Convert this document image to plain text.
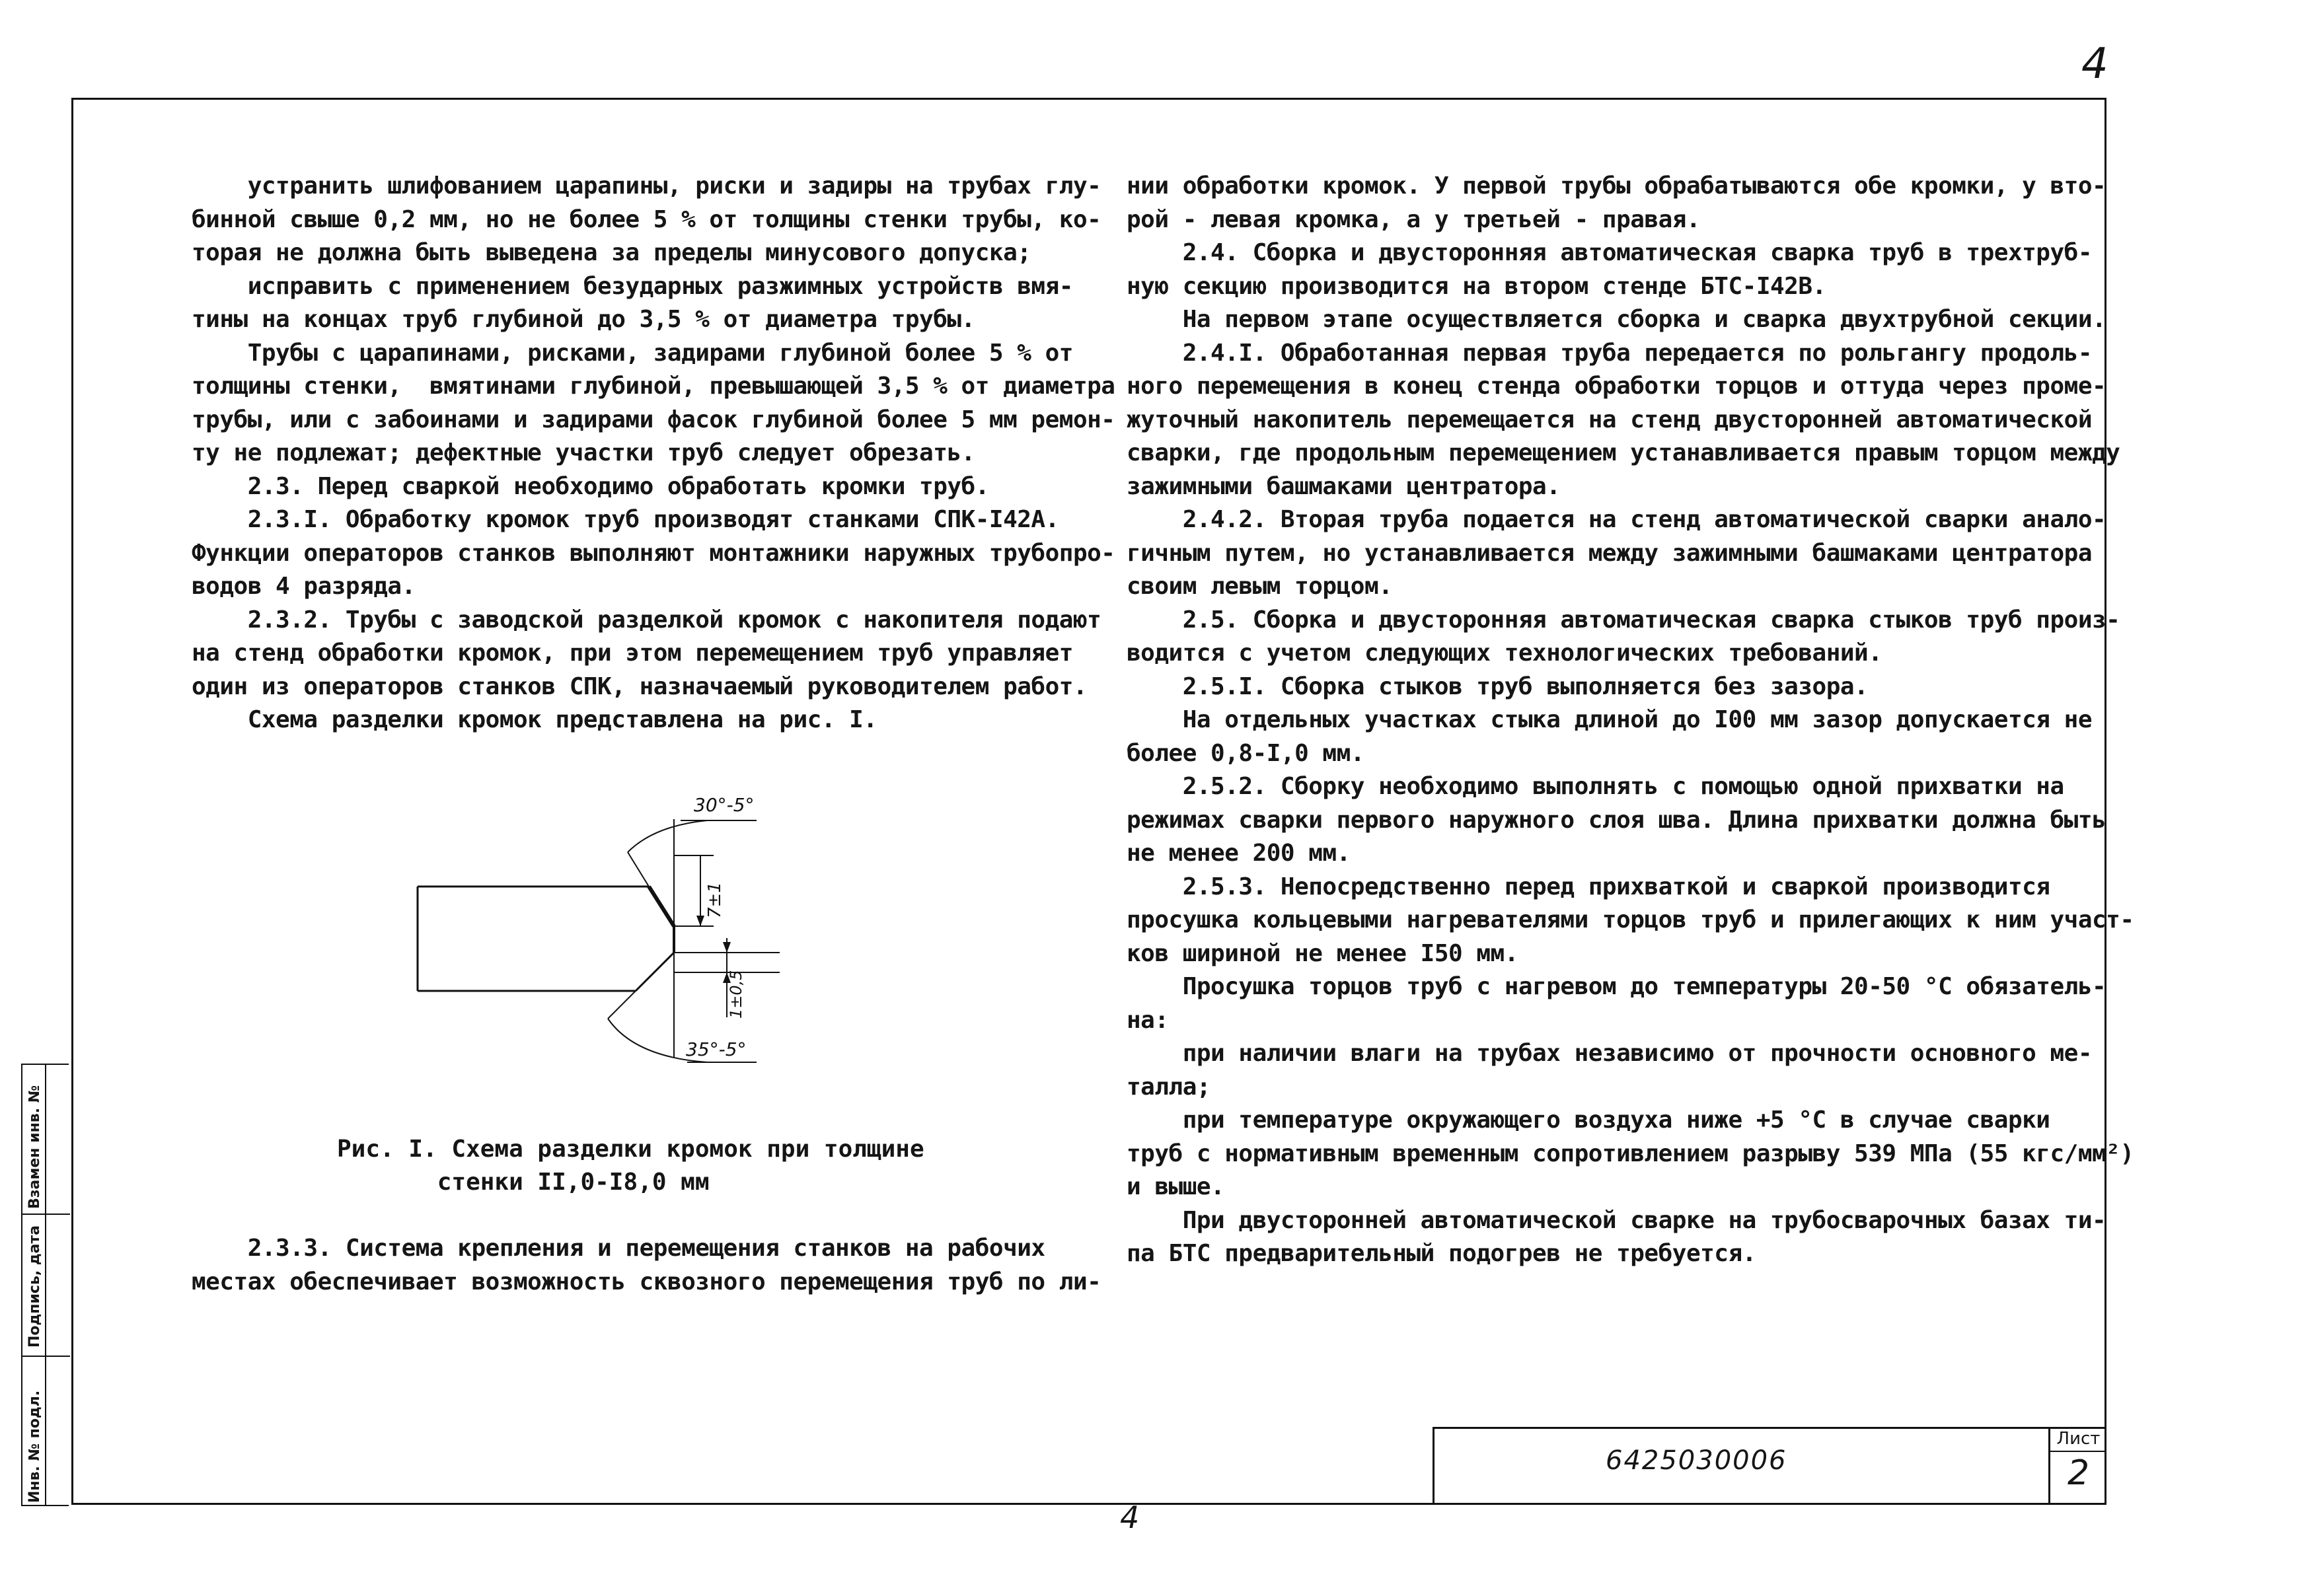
4

устранить шлифованием царапины, риски и задиры на трубах глу-

бинной свыше 0,2 мм, но не более 5 % от толщины стенки трубы, ко-

торая не должна быть выведена за пределы минусового допуска;

исправить с применением безударных разжимных устройств вмя-

тины на концах труб глубиной до 3,5 % от диаметра трубы.

Трубы с царапинами, рисками, задирами глубиной более 5 % от

толщины стенки,  вмятинами глубиной, превышающей 3,5 % от диаметра

трубы, или с забоинами и задирами фасок глубиной более 5 мм ремон-

ту не подлежат; дефектные участки труб следует обрезать.

2.3. Перед сваркой необходимо обработать кромки труб.

2.3.I. Обработку кромок труб производят станками СПК-I42А.

Функции операторов станков выполняют монтажники наружных трубопро-

водов 4 разряда.

2.3.2. Трубы с заводской разделкой кромок с накопителя подают

на стенд обработки кромок, при этом перемещением труб управляет

один из операторов станков СПК, назначаемый руководителем работ.

Схема разделки кромок представлена на рис. I.

30°-5°
7±1
1±0,5
35°-5°

Рис. I. Схема разделки кромок при толщине

стенки II,0-I8,0 мм

2.3.3. Система крепления и перемещения станков на рабочих

местах обеспечивает возможность сквозного перемещения труб по ли-

нии обработки кромок. У первой трубы обрабатываются обе кромки, у вто-

рой - левая кромка, а у третьей - правая.

2.4. Сборка и двусторонняя автоматическая сварка труб в трехтруб-

ную секцию производится на втором стенде БТС-I42В.

На первом этапе осуществляется сборка и сварка двухтрубной секции.

2.4.I. Обработанная первая труба передается по рольгангу продоль-

ного перемещения в конец стенда обработки торцов и оттуда через проме-

жуточный накопитель перемещается на стенд двусторонней автоматической

сварки, где продольным перемещением устанавливается правым торцом между

зажимными башмаками центратора.

2.4.2. Вторая труба подается на стенд автоматической сварки анало-

гичным путем, но устанавливается между зажимными башмаками центратора

своим левым торцом.

2.5. Сборка и двусторонняя автоматическая сварка стыков труб произ-

водится с учетом следующих технологических требований.

2.5.I. Сборка стыков труб выполняется без зазора.

На отдельных участках стыка длиной до I00 мм зазор допускается не

более 0,8-I,0 мм.

2.5.2. Сборку необходимо выполнять с помощью одной прихватки на

режимах сварки первого наружного слоя шва. Длина прихватки должна быть

не менее 200 мм.

2.5.3. Непосредственно перед прихваткой и сваркой производится

просушка кольцевыми нагревателями торцов труб и прилегающих к ним участ-

ков шириной не менее I50 мм.

Просушка торцов труб с нагревом до температуры 20-50 °С обязатель-

на:

при наличии влаги на трубах независимо от прочности основного ме-

талла;

при температуре окружающего воздуха ниже +5 °С в случае сварки

труб с нормативным временным сопротивлением разрыву 539 МПа (55 кгс/мм²)

и выше.

При двусторонней автоматической сварке на трубосварочных базах ти-

па БТС предварительный подогрев не требуется.

Инв. № подл.
Подпись, дата
Взамен инв. №
6425030006
Лист
2
4
